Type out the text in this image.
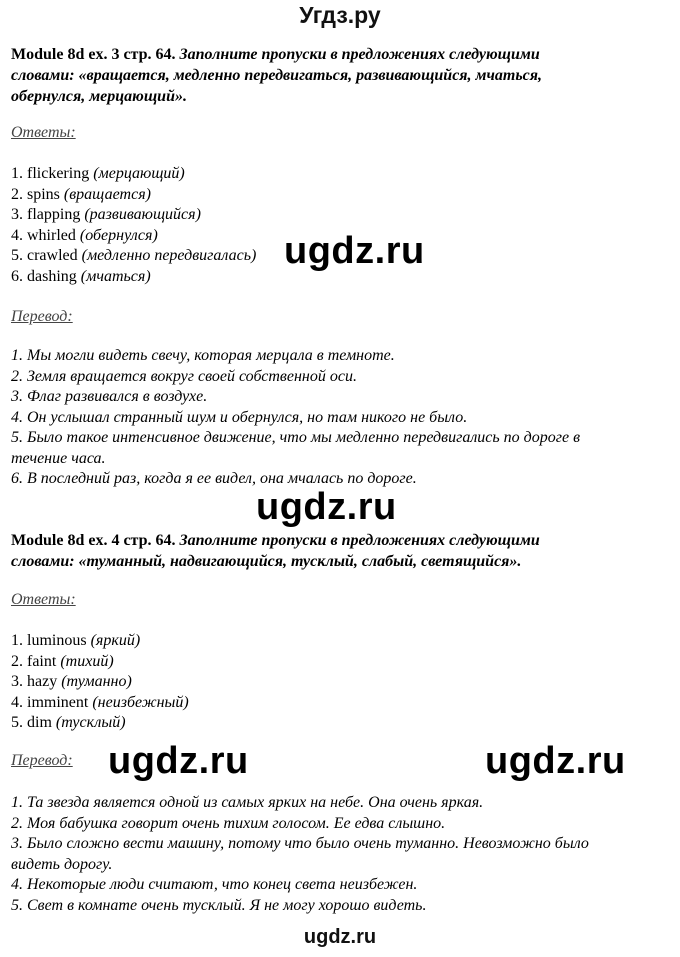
Угдз.ру
Module 8d ex. 3 стр. 64. Заполните пропуски в предложениях следующими
словами: «вращается, медленно передвигаться, развивающийся, мчаться,
обернулся, мерцающий».
Ответы:
1. flickering (мерцающий)
2. spins (вращается)
3. flapping (развивающийся)
4. whirled (обернулся)
5. crawled (медленно передвигалась)
6. dashing (мчаться)
Перевод:
1. Мы могли видеть свечу, которая мерцала в темноте.
2. Земля вращается вокруг своей собственной оси.
3. Флаг развивался в воздухе.
4. Он услышал странный шум и обернулся, но там никого не было.
5. Было такое интенсивное движение, что мы медленно передвигались по дороге в
течение часа.
6. В последний раз, когда я ее видел, она мчалась по дороге.
Module 8d ex. 4 стр. 64. Заполните пропуски в предложениях следующими
словами: «туманный, надвигающийся, тусклый, слабый, светящийся».
Ответы:
1. luminous (яркий)
2. faint (тихий)
3. hazy (туманно)
4. imminent (неизбежный)
5. dim (тусклый)
Перевод:
1. Та звезда является одной из самых ярких на небе. Она очень яркая.
2. Моя бабушка говорит очень тихим голосом. Ее едва слышно.
3. Было сложно вести машину, потому что было очень туманно. Невозможно было
видеть дорогу.
4. Некоторые люди считают, что конец света неизбежен.
5. Свет в комнате очень тусклый. Я не могу хорошо видеть.
ugdz.ru
ugdz.ru
ugdz.ru	ugdz.ru
ugdz.ru
